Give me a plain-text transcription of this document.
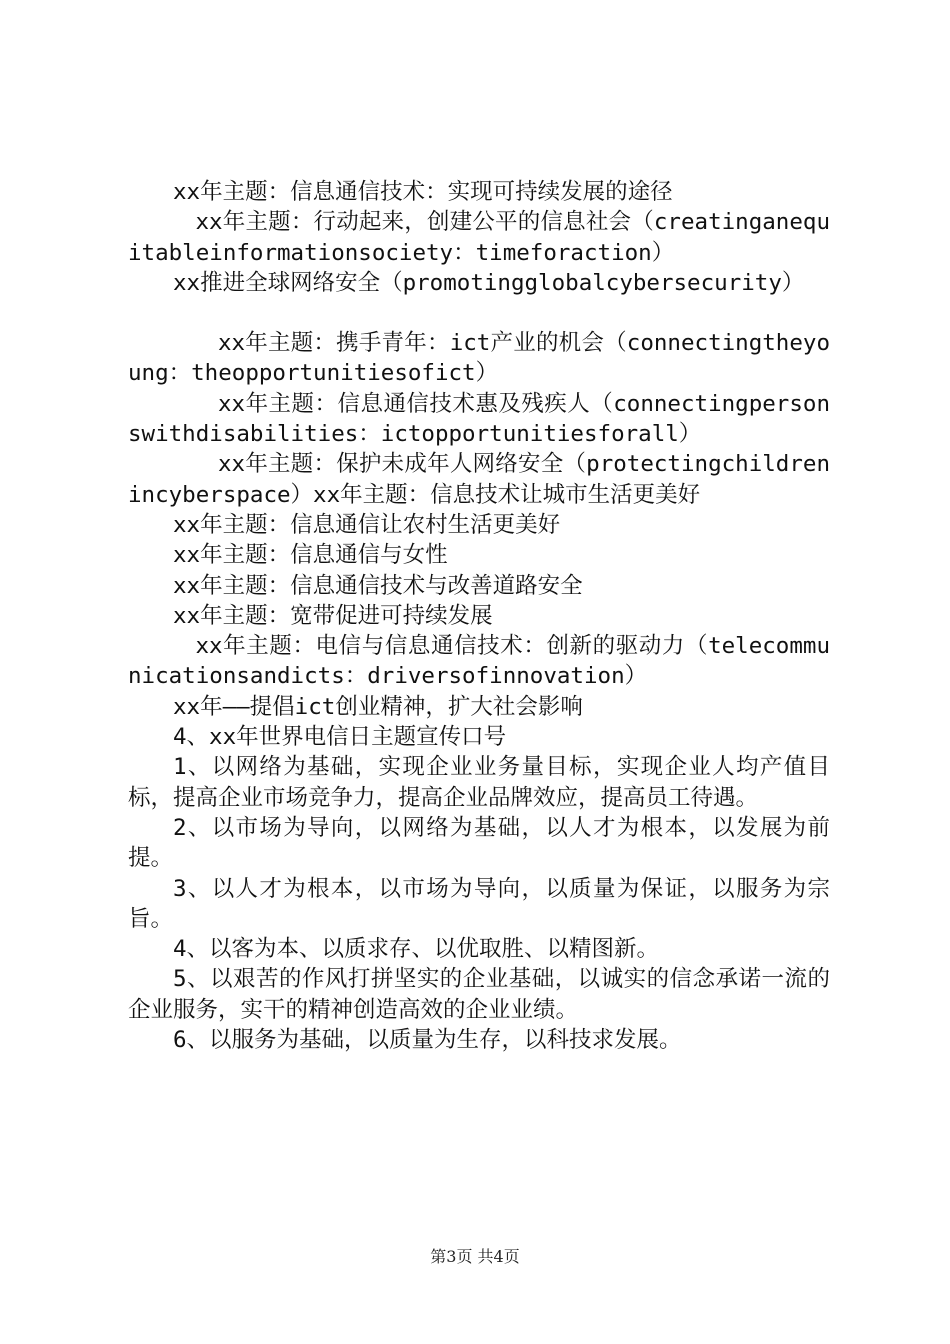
xx年主题：信息通信技术：实现可持续发展的途径

xx年主题：行动起来，创建公平的信息社会（creatinganequitableinformationsociety：timeforaction）

xx推进全球网络安全（promotingglobalcybersecurity）

xx年主题：携手青年：ict产业的机会（connectingtheyoung：theopportunitiesofict）

xx年主题：信息通信技术惠及残疾人（connectingpersonswithdisabilities：ictopportunitiesforall）

xx年主题：保护未成年人网络安全（protectingchildrenincyberspace）xx年主题：信息技术让城市生活更美好

xx年主题：信息通信让农村生活更美好

xx年主题：信息通信与女性

xx年主题：信息通信技术与改善道路安全

xx年主题：宽带促进可持续发展

xx年主题：电信与信息通信技术：创新的驱动力（telecommunicationsandicts：driversofinnovation）

xx年——提倡ict创业精神，扩大社会影响

4、xx年世界电信日主题宣传口号

1、以网络为基础，实现企业业务量目标，实现企业人均产值目标，提高企业市场竞争力，提高企业品牌效应，提高员工待遇。

2、以市场为导向，以网络为基础，以人才为根本，以发展为前提。

3、以人才为根本，以市场为导向，以质量为保证，以服务为宗旨。

4、以客为本、以质求存、以优取胜、以精图新。

5、以艰苦的作风打拼坚实的企业基础，以诚实的信念承诺一流的企业服务，实干的精神创造高效的企业业绩。

6、以服务为基础，以质量为生存，以科技求发展。

第3页 共4页
